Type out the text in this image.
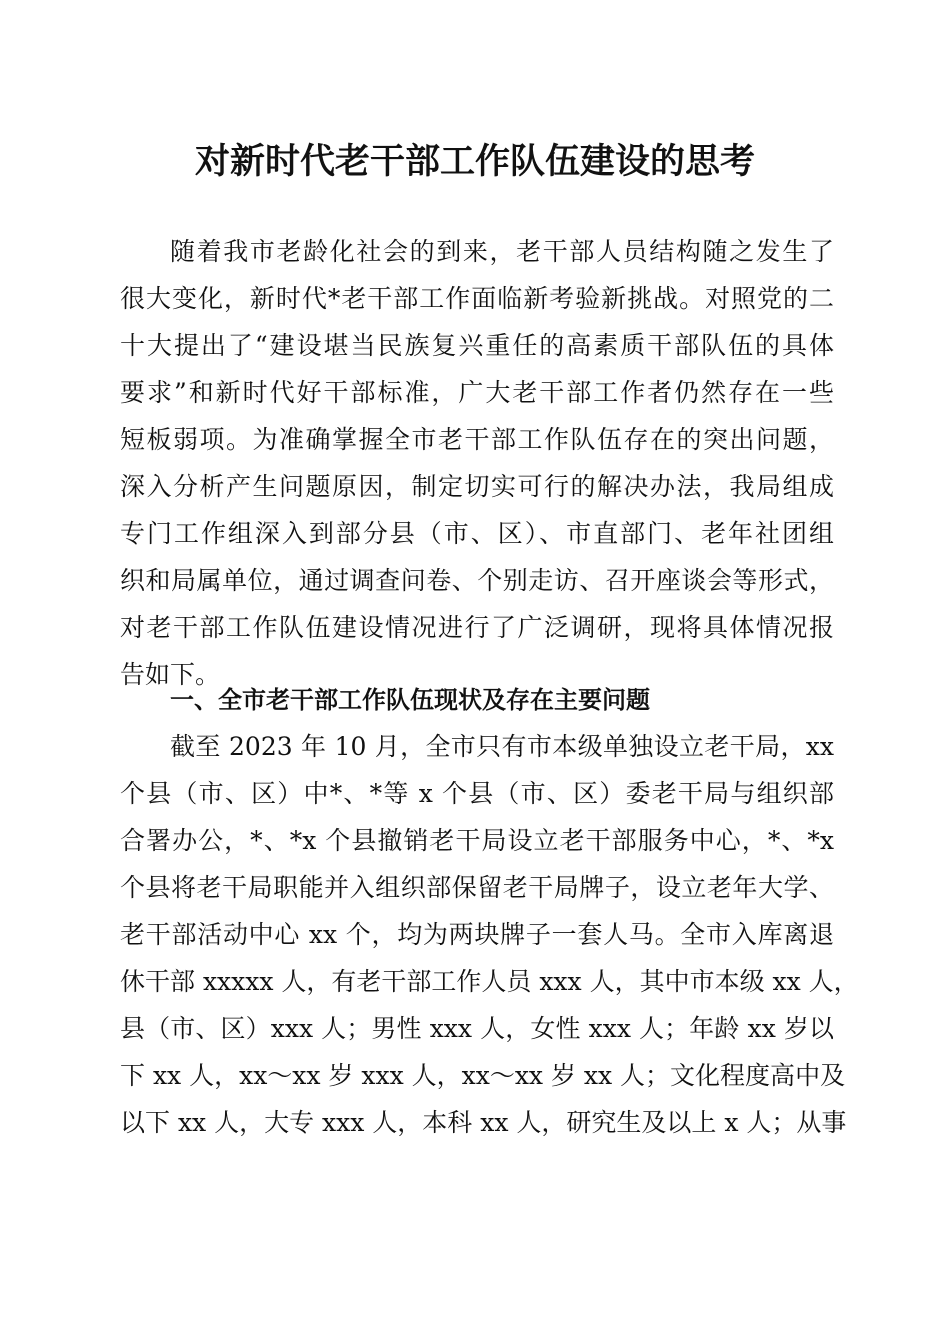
对新时代老干部工作队伍建设的思考
随着我市老龄化社会的到来，老干部人员结构随之发生了
很大变化，新时代*老干部工作面临新考验新挑战。对照党的二
十大提出了“建设堪当民族复兴重任的高素质干部队伍的具体
要求”和新时代好干部标准，广大老干部工作者仍然存在一些
短板弱项。为准确掌握全市老干部工作队伍存在的突出问题，
深入分析产生问题原因，制定切实可行的解决办法，我局组成
专门工作组深入到部分县（市、区）、市直部门、老年社团组
织和局属单位，通过调查问卷、个别走访、召开座谈会等形式，
对老干部工作队伍建设情况进行了广泛调研，现将具体情况报
告如下。
一、全市老干部工作队伍现状及存在主要问题
截至 2023 年 10 月，全市只有市本级单独设立老干局，xx
个县（市、区）中*、*等 x 个县（市、区）委老干局与组织部
合署办公，*、*x 个县撤销老干局设立老干部服务中心，*、*x
个县将老干局职能并入组织部保留老干局牌子，设立老年大学、
老干部活动中心 xx 个，均为两块牌子一套人马。全市入库离退
休干部 xxxxx 人，有老干部工作人员 xxx 人，其中市本级 xx 人，
县（市、区）xxx 人；男性 xxx 人，女性 xxx 人；年龄 xx 岁以
下 xx 人，xx～xx 岁 xxx 人，xx～xx 岁 xx 人；文化程度高中及
以下 xx 人，大专 xxx 人，本科 xx 人，研究生及以上 x 人；从事
